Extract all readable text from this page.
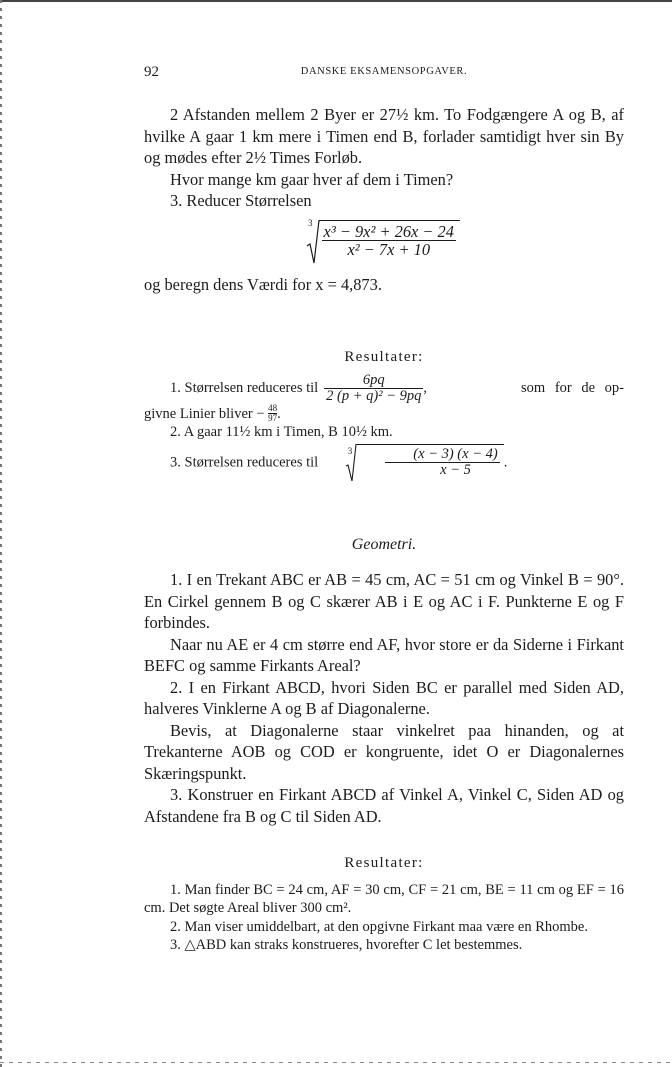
92	DANSKE EKSAMENSOPGAVER.

2 Afstanden mellem 2 Byer er 27½ km. To Fodgængere A og B, af hvilke A gaar 1 km mere i Timen end B, forlader samtidigt hver sin By og mødes efter 2½ Times Forløb.

Hvor mange km gaar hver af dem i Timen?

3. Reducer Størrelsen

$3 \frac{\text{x³ − 9x² + 26x − 24}}{\text{x² − 7x + 10}}$

og beregn dens Værdi for x = 4,873.

Resultater:

1. Størrelsen reduceres til $\frac{6pq}{\text{2 (p + q)² − 9pq}}$ ,	som for de op-

givne Linier bliver − $\frac{48}{97}$ .

2. A gaar 11½ km i Timen, B 10½ km.

3. Størrelsen reduceres til
$3 \frac{(x - 3) (x - 4)}{x - 5}$ .

Geometri.

1. I en Trekant ABC er AB = 45 cm, AC = 51 cm og Vinkel B = 90°. En Cirkel gennem B og C skærer AB i E og AC i F. Punkterne E og F forbindes.

Naar nu AE er 4 cm større end AF, hvor store er da Siderne i Firkant BEFC og samme Firkants Areal?

2. I en Firkant ABCD, hvori Siden BC er parallel med Siden AD, halveres Vinklerne A og B af Diagonalerne.

Bevis, at Diagonalerne staar vinkelret paa hinanden, og at Trekanterne AOB og COD er kongruente, idet O er Diagonalernes Skæringspunkt.

3. Konstruer en Firkant ABCD af Vinkel A, Vinkel C, Siden AD og Afstandene fra B og C til Siden AD.

Resultater:

1. Man finder BC = 24 cm, AF = 30 cm, CF = 21 cm, BE = 11 cm og EF = 16 cm. Det søgte Areal bliver 300 cm².

2. Man viser umiddelbart, at den opgivne Firkant maa være en Rhombe.

3. △ABD kan straks konstrueres, hvorefter C let bestemmes.
